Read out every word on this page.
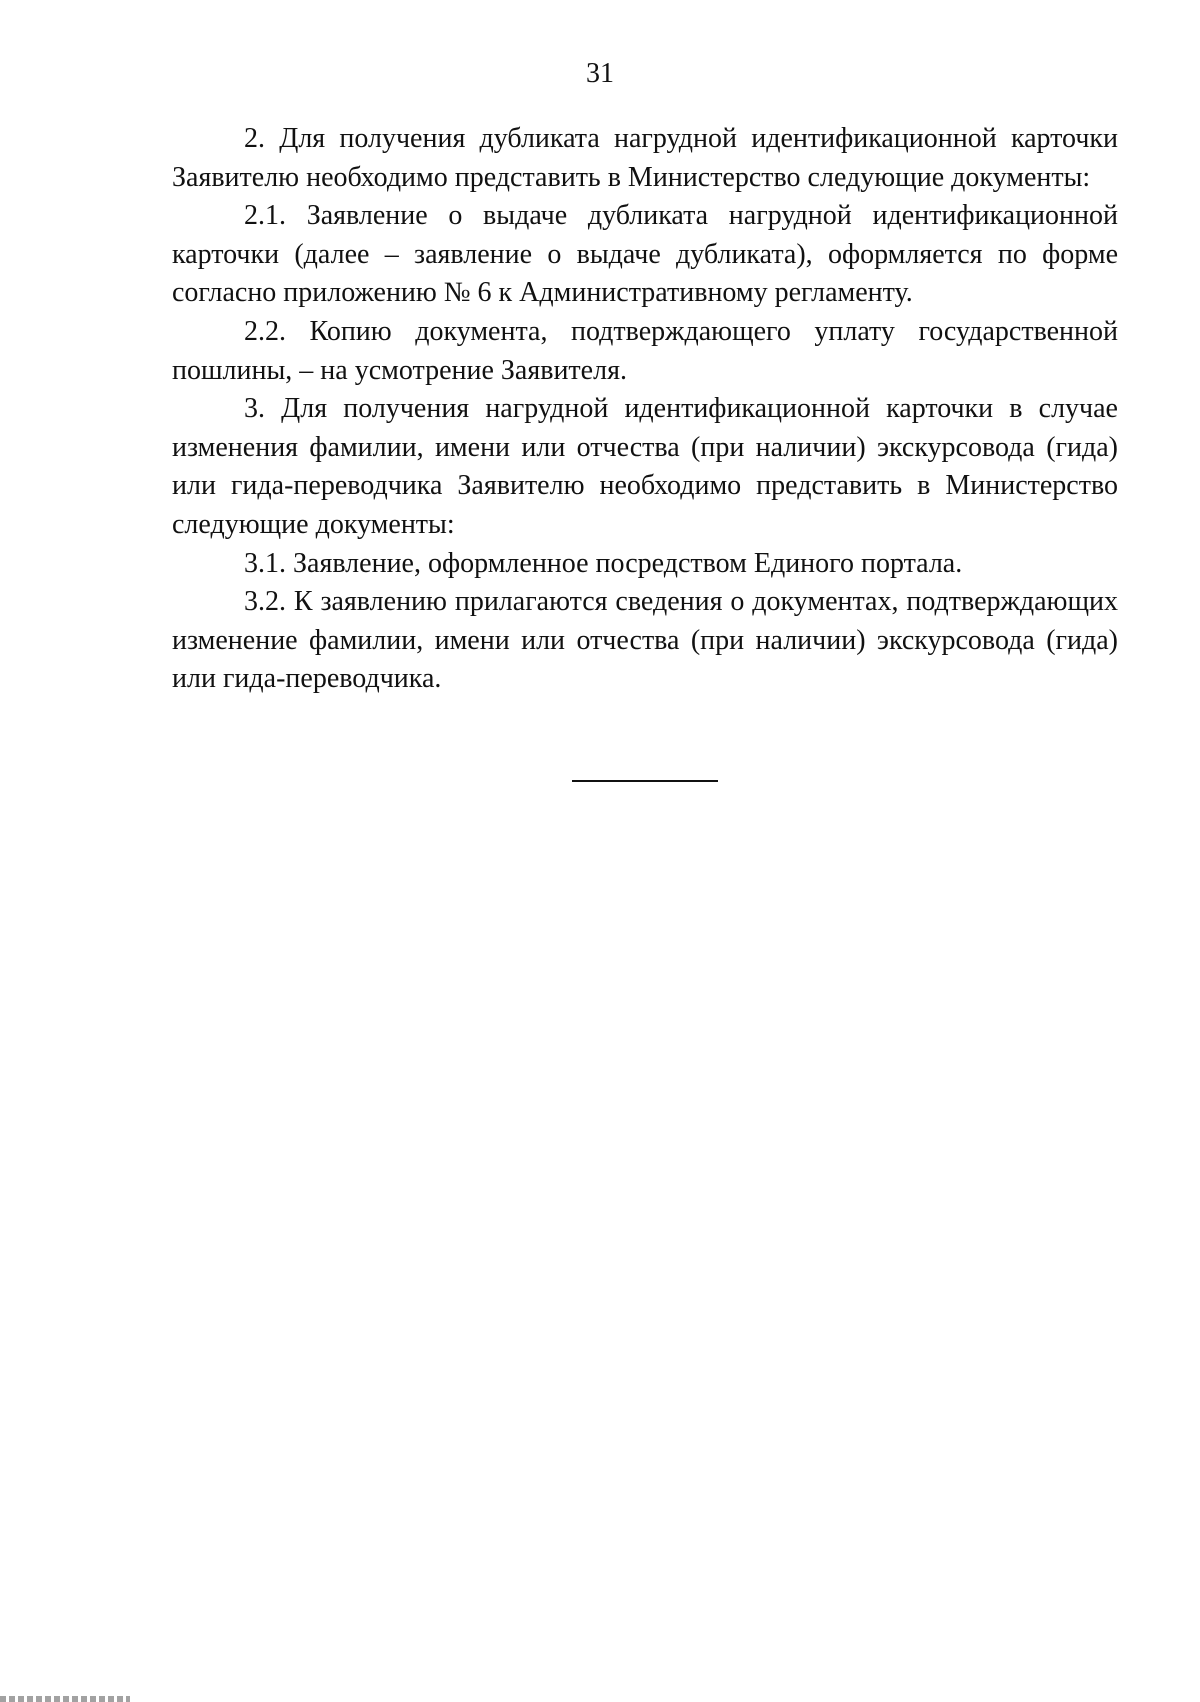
31

2. Для получения дубликата нагрудной идентификационной карточки Заявителю необходимо представить в Министерство следующие документы:

2.1. Заявление о выдаче дубликата нагрудной идентификационной карточки (далее – заявление о выдаче дубликата), оформляется по форме согласно приложению № 6 к Административному регламенту.

2.2. Копию документа, подтверждающего уплату государственной пошлины, – на усмотрение Заявителя.

3. Для получения нагрудной идентификационной карточки в случае изменения фамилии, имени или отчества (при наличии) экскурсовода (гида) или гида-переводчика Заявителю необходимо представить в Министерство следующие документы:

3.1. Заявление, оформленное посредством Единого портала.

3.2. К заявлению прилагаются сведения о документах, подтверждающих изменение фамилии, имени или отчества (при наличии) экскурсовода (гида) или гида-переводчика.
